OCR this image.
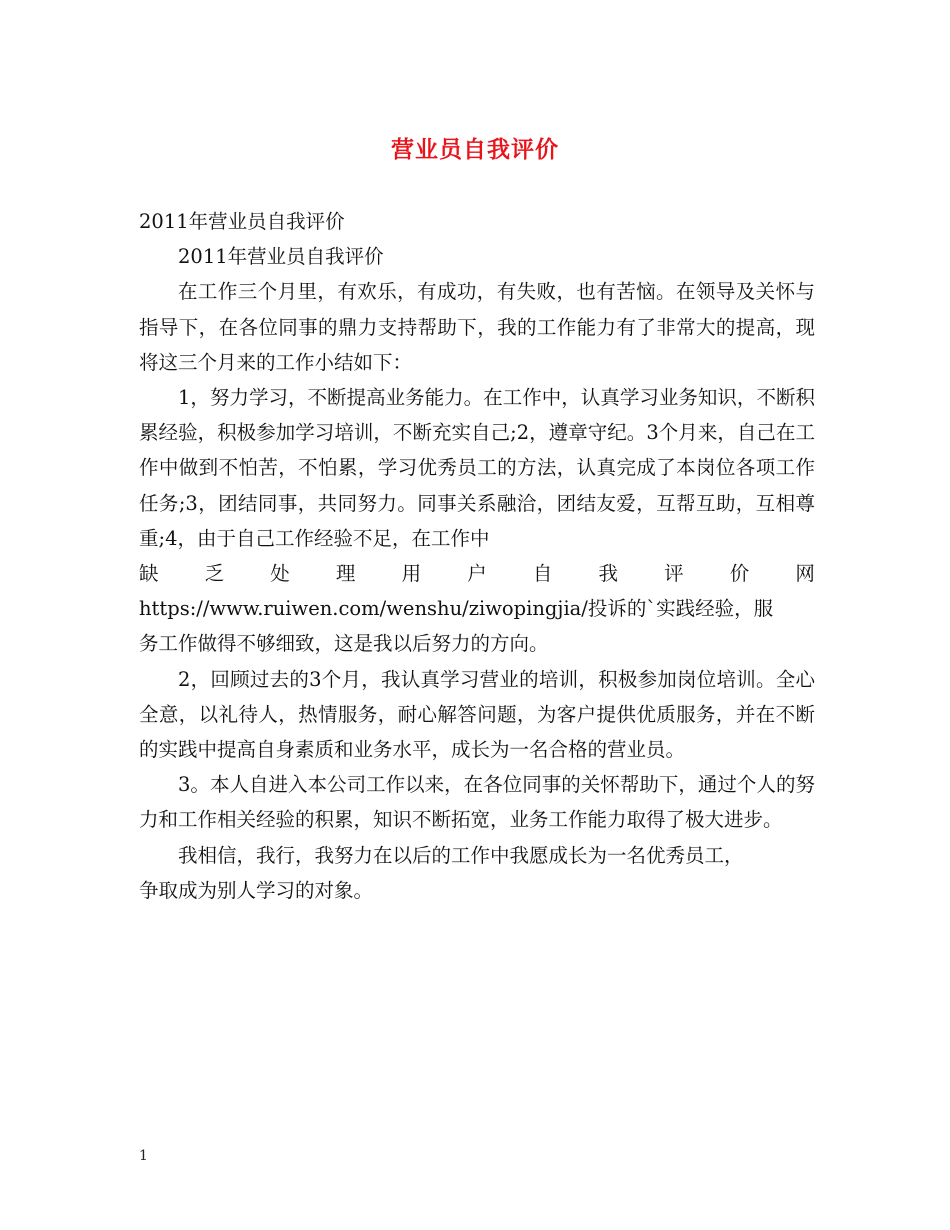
营业员自我评价

2011年营业员自我评价

2011年营业员自我评价

在工作三个月里，有欢乐，有成功，有失败，也有苦恼。在领导及关怀与指导下，在各位同事的鼎力支持帮助下，我的工作能力有了非常大的提高，现将这三个月来的工作小结如下：

1，努力学习，不断提高业务能力。在工作中，认真学习业务知识，不断积累经验，积极参加学习培训，不断充实自己;2，遵章守纪。3个月来，自己在工作中做到不怕苦，不怕累，学习优秀员工的方法，认真完成了本岗位各项工作任务;3，团结同事，共同努力。同事关系融洽，团结友爱，互帮互助，互相尊重;4，由于自己工作经验不足，在工作中

缺 乏 处 理 用 户 自 我 评 价 网

https://www.ruiwen.com/wenshu/ziwopingjia/投诉的`实践经验，服

务工作做得不够细致，这是我以后努力的方向。

2，回顾过去的3个月，我认真学习营业的培训，积极参加岗位培训。全心全意，以礼待人，热情服务，耐心解答问题，为客户提供优质服务，并在不断的实践中提高自身素质和业务水平，成长为一名合格的营业员。

3。本人自进入本公司工作以来，在各位同事的关怀帮助下，通过个人的努力和工作相关经验的积累，知识不断拓宽，业务工作能力取得了极大进步。

我相信，我行，我努力在以后的工作中我愿成长为一名优秀员工，

争取成为别人学习的对象。

1
